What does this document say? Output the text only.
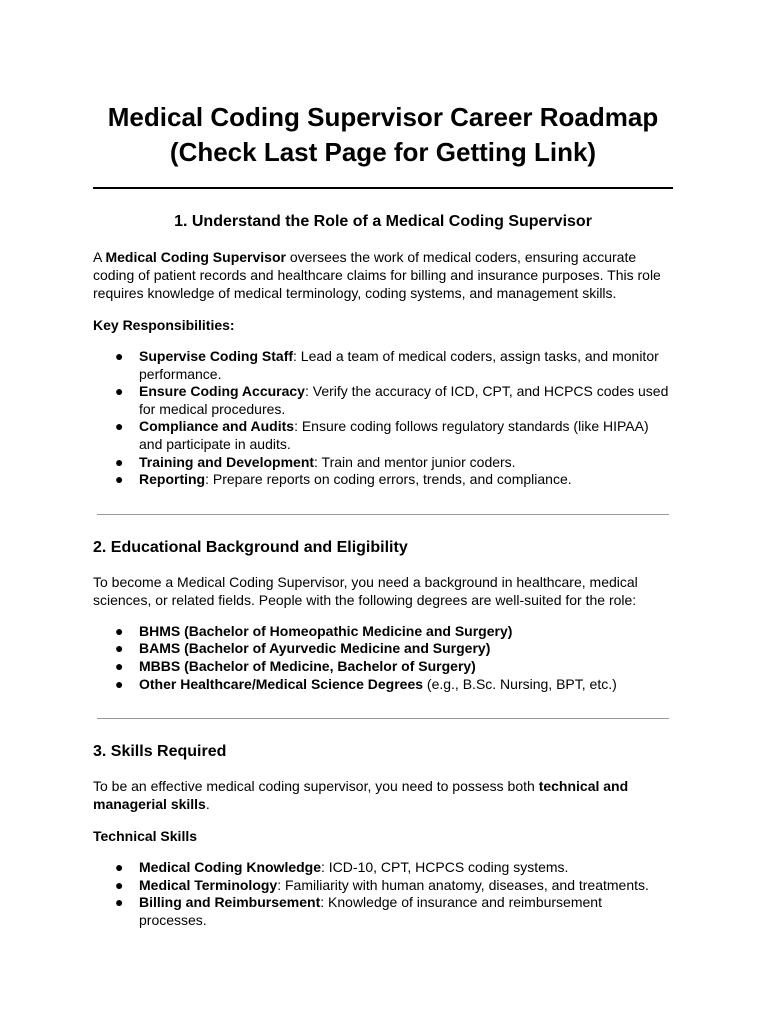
Medical Coding Supervisor Career Roadmap
(Check Last Page for Getting Link)
1. Understand the Role of a Medical Coding Supervisor

A Medical Coding Supervisor oversees the work of medical coders, ensuring accurate coding of patient records and healthcare claims for billing and insurance purposes. This role requires knowledge of medical terminology, coding systems, and management skills.

Key Responsibilities:

● Supervise Coding Staff: Lead a team of medical coders, assign tasks, and monitor performance.
● Ensure Coding Accuracy: Verify the accuracy of ICD, CPT, and HCPCS codes used for medical procedures.
● Compliance and Audits: Ensure coding follows regulatory standards (like HIPAA) and participate in audits.
● Training and Development: Train and mentor junior coders.
● Reporting: Prepare reports on coding errors, trends, and compliance.
2. Educational Background and Eligibility

To become a Medical Coding Supervisor, you need a background in healthcare, medical sciences, or related fields. People with the following degrees are well-suited for the role:

● BHMS (Bachelor of Homeopathic Medicine and Surgery)
● BAMS (Bachelor of Ayurvedic Medicine and Surgery)
● MBBS (Bachelor of Medicine, Bachelor of Surgery)
● Other Healthcare/Medical Science Degrees (e.g., B.Sc. Nursing, BPT, etc.)
3. Skills Required

To be an effective medical coding supervisor, you need to possess both technical and managerial skills.

Technical Skills

● Medical Coding Knowledge: ICD-10, CPT, HCPCS coding systems.
● Medical Terminology: Familiarity with human anatomy, diseases, and treatments.
● Billing and Reimbursement: Knowledge of insurance and reimbursement processes.
